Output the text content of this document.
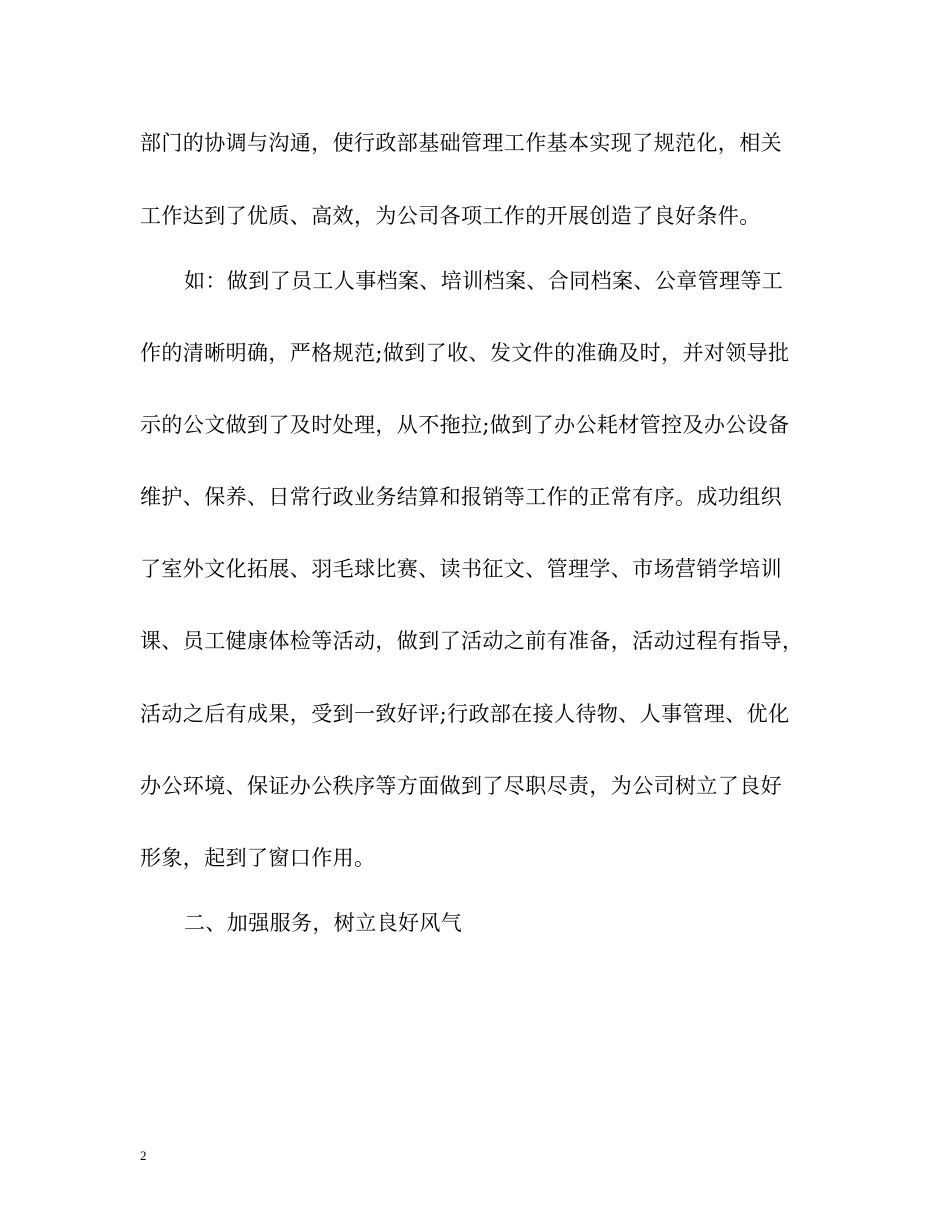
部门的协调与沟通，使行政部基础管理工作基本实现了规范化，相关
工作达到了优质、高效，为公司各项工作的开展创造了良好条件。
如：做到了员工人事档案、培训档案、合同档案、公章管理等工
作的清晰明确，严格规范;做到了收、发文件的准确及时，并对领导批
示的公文做到了及时处理，从不拖拉;做到了办公耗材管控及办公设备
维护、保养、日常行政业务结算和报销等工作的正常有序。成功组织
了室外文化拓展、羽毛球比赛、读书征文、管理学、市场营销学培训
课、员工健康体检等活动，做到了活动之前有准备，活动过程有指导，
活动之后有成果，受到一致好评;行政部在接人待物、人事管理、优化
办公环境、保证办公秩序等方面做到了尽职尽责，为公司树立了良好
形象，起到了窗口作用。
二、加强服务，树立良好风气
2
